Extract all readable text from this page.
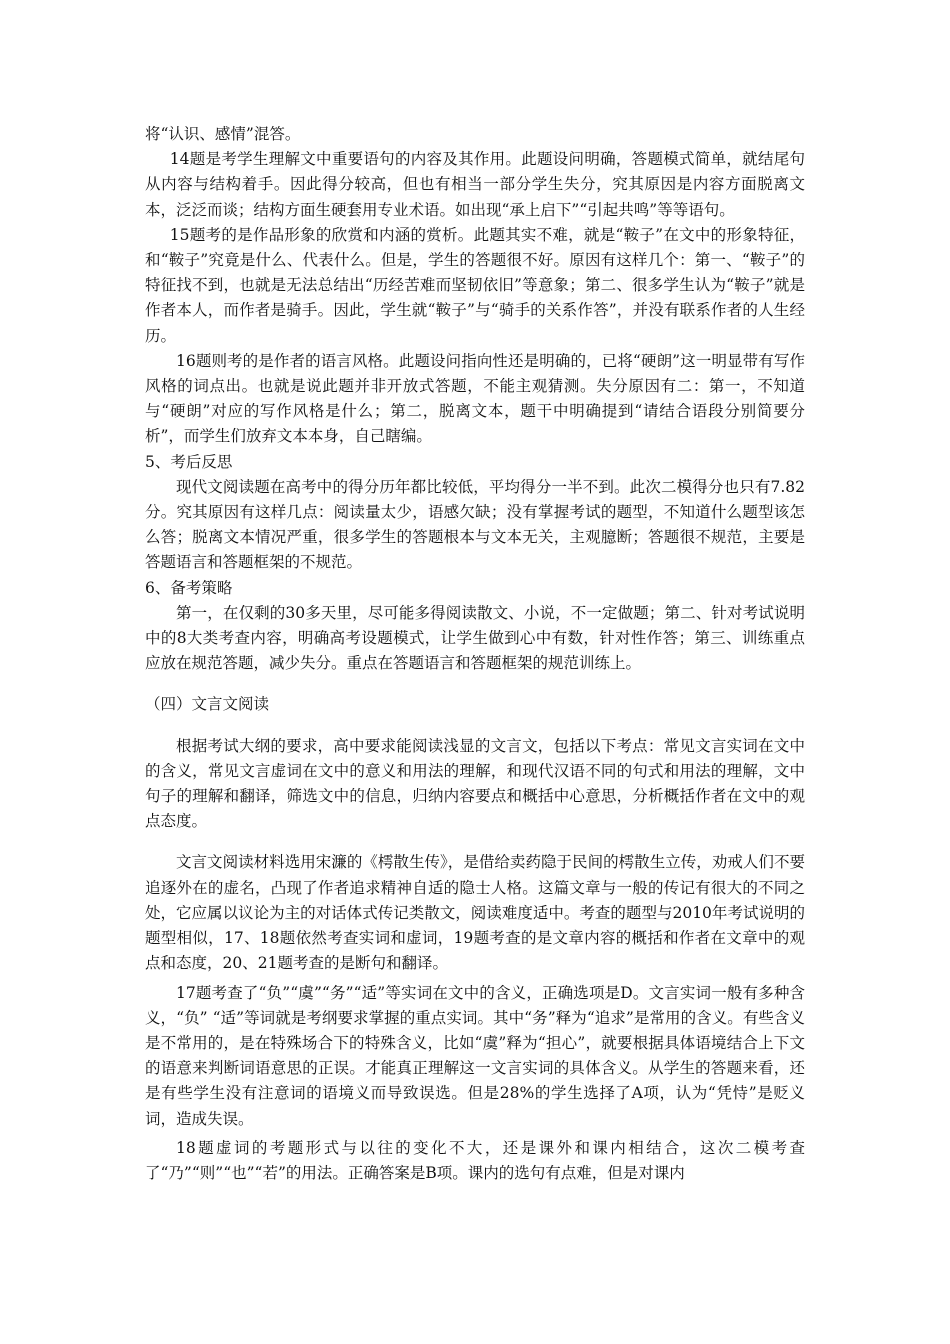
将“认识、感情”混答。

14题是考学生理解文中重要语句的内容及其作用。此题设问明确，答题模式简单，就结尾句从内容与结构着手。因此得分较高，但也有相当一部分学生失分，究其原因是内容方面脱离文本，泛泛而谈；结构方面生硬套用专业术语。如出现“承上启下”“引起共鸣”等等语句。

15题考的是作品形象的欣赏和内涵的赏析。此题其实不难，就是“鞍子”在文中的形象特征，和“鞍子”究竟是什么、代表什么。但是，学生的答题很不好。原因有这样几个：第一、“鞍子”的特征找不到，也就是无法总结出“历经苦难而坚韧依旧”等意象；第二、很多学生认为“鞍子”就是作者本人，而作者是骑手。因此，学生就“鞍子”与“骑手的关系作答”，并没有联系作者的人生经历。

16题则考的是作者的语言风格。此题设问指向性还是明确的，已将“硬朗”这一明显带有写作风格的词点出。也就是说此题并非开放式答题，不能主观猜测。失分原因有二：第一，不知道与“硬朗”对应的写作风格是什么；第二，脱离文本，题干中明确提到“请结合语段分别简要分析”，而学生们放弃文本本身，自己瞎编。

5、考后反思

现代文阅读题在高考中的得分历年都比较低，平均得分一半不到。此次二模得分也只有7.82分。究其原因有这样几点：阅读量太少，语感欠缺；没有掌握考试的题型，不知道什么题型该怎么答；脱离文本情况严重，很多学生的答题根本与文本无关，主观臆断；答题很不规范，主要是答题语言和答题框架的不规范。

6、备考策略

第一，在仅剩的30多天里，尽可能多得阅读散文、小说，不一定做题；第二、针对考试说明中的8大类考查内容，明确高考设题模式，让学生做到心中有数，针对性作答；第三、训练重点应放在规范答题，减少失分。重点在答题语言和答题框架的规范训练上。

（四）文言文阅读

根据考试大纲的要求，高中要求能阅读浅显的文言文，包括以下考点：常见文言实词在文中的含义，常见文言虚词在文中的意义和用法的理解，和现代汉语不同的句式和用法的理解，文中句子的理解和翻译，筛选文中的信息，归纳内容要点和概括中心意思，分析概括作者在文中的观点态度。

文言文阅读材料选用宋濂的《樗散生传》，是借给卖药隐于民间的樗散生立传，劝戒人们不要追逐外在的虚名，凸现了作者追求精神自适的隐士人格。这篇文章与一般的传记有很大的不同之处，它应属以议论为主的对话体式传记类散文，阅读难度适中。考查的题型与2010年考试说明的题型相似，17、18题依然考查实词和虚词，19题考查的是文章内容的概括和作者在文章中的观点和态度，20、21题考查的是断句和翻译。

17题考查了“负”“虞”“务”“适”等实词在文中的含义，正确选项是D。文言实词一般有多种含义，“负” “适”等词就是考纲要求掌握的重点实词。其中“务”释为“追求”是常用的含义。有些含义是不常用的，是在特殊场合下的特殊含义，比如“虞”释为“担心”，就要根据具体语境结合上下文的语意来判断词语意思的正误。才能真正理解这一文言实词的具体含义。从学生的答题来看，还是有些学生没有注意词的语境义而导致误选。但是28%的学生选择了A项，认为“凭恃”是贬义词，造成失误。

18题虚词的考题形式与以往的变化不大，还是课外和课内相结合，这次二模考查了“乃”“则”“也”“若”的用法。正确答案是B项。课内的选句有点难，但是对课内
